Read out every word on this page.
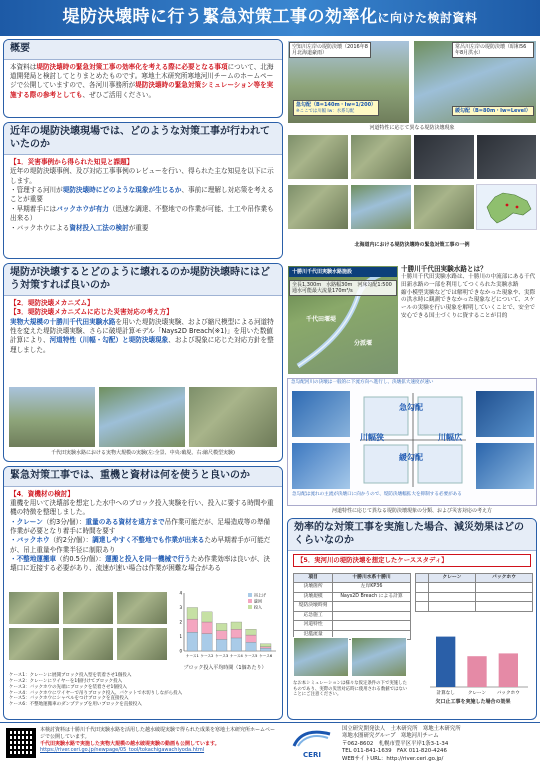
堤防決壊時に行う緊急対策工事の効率化に向けた検討資料
概要
本資料は堤防決壊時の緊急対策工事の効率化を考える際に必要となる事項について、北海道開発局と検討してとりまとめたものです。寒地土木研究所寒地河川チームのホームページで公開していますので、各河川事務所が堤防決壊時の緊急対策シミュレーション等を実施する際の参考としても、ぜひご活用ください。
空知川左岸の堤防決壊（2016年8月北海道豪雨）
常呂川左岸の堤防決壊（昭和56年8月洪水）
急勾配（B=140m・Iw=1/200）
※ここでは川幅 Iw：水系勾配	緩勾配（B=80m・Iw=Level）
河道特性に応じて異なる堤防決壊現象
近年の堤防決壊現場では、どのような対策工事が行われていたのか
【1．災害事例から得られた知見と課題】
近年の堤防決壊事例、及び対応工事事例のレビューを行い、得られた主な知見を以下に示します。
・管理する河川が堤防決壊時にどのような現象が生じるか、事前に理解し対応策を考えることが重要
・早期着手にはバックホウが有力（迅速な調達、不整地での作業が可能、土工や吊作業も出来る）
・バックホウによる資材投入工法の検討が重要
北海道内における堤防決壊時の緊急対策工事の一例
堤防が決壊するとどのように壊れるのか堤防決壊時にはどう対策すれば良いのか
【2．堤防決壊メカニズム】
【3．堤防決壊メカニズムに応じた災害対応の考え方】
実物大規模の十勝川千代田実験水路を用いた堤防決壊実験、および縮尺模型による河道特性を変えた堤防決壊実験、さらに破堤計算モデル「Nays2D Breach(※1)」を用いた数値計算により、河道特性（川幅・勾配）と堤防決壊現象、および現象に応じた対応方針を整理しました。
千代田実験水路における実物大規模の実験(左:全景、中央:破堤、右:縮尺模型実験)
十勝川千代田実験水路施設
全長1,300m　水路幅30m　河床勾配1:500　通水可能最大流量170m³/s
千代田堰堤
分派堰
十勝川千代田実験水路とは？
十勝川千代田実験水路は、十勝川の中流部にある千代田新水路の一部を利用してつくられた実験水路
縮小模型実験などでは解明できなかった現象や、実際の洪水時に観測できなかった現象などについて、スケールの実験を行い現象を解明していくことで、安全で安心できる国土づくりに資することが目的
急勾配河川の決壊は一般的に下流方向へ進行し、決壊拡大速度が速い
急勾配
緩勾配
川幅狭	川幅広
急勾配は流れの主流が決壊口に向かうので、堤防決壊幅拡大を抑制する必要がある
河道特性に応じて異なる堤防決壊現象の分類、および災害対応の考え方
緊急対策工事では、重機と資材は何を使うと良いのか
【4．資機材の検討】
重機を用いて決壊部を想定した水中へのブロック投入実験を行い、投入に要する時間や重機の特徴を整理しました。
・クレーン（約3分/個）：重量のある資材を遠方まで吊作業可能だが、足場造成等の準備作業が必要となり着手に時間を要す
・バックホウ（約2分/個）：調達しやすく不整地でも作業が出来るため早期着手が可能だが、吊上重量や作業半径に制限あり
・不整地運搬車（約0.5分/個）：運搬と投入を同一機械で行うため作業効率は良いが、決壊口に近接する必要があり、流速が速い場合は作業が困難な場合がある
0
1
2
3
4
ケース1 ケース2 ケース3 ケース4 ケース5 ケース6
吊上げ
旋回
投入
ブロック投入平均時間（1個あたり）
ケース1：クレーンに展開ブロック投入型を装着させ1個投入
ケース2：クレーンにワイヤーを1個付けてブロック投入
ケース3：バックホウの先端にブロックを装着させ1個投入
ケース4：バックホウにワイヤーで吊りブロック投入、バケットで水切りしながら投入
ケース5：バックホウにシャベルをつけブロックを直接投入
ケース6：不整地運搬車のダンプアップを用いブロックを直接投入
効率的な対策工事を実施した場合、減災効果はどのくらいなのか
【5．実河川の堤防決壊を想定したケーススタディ】
項目	十勝川水系十勝川
決壊箇所	左岸KP36
決壊規模	Nays2D Breach による計算
堤防決壊時刻	
応急施工	
河道特性	
氾濫流量	
	クレーン	バックホウ

計算なし	クレーン バックホウ
欠口止工事を実施した場合の効果
なお本シミュレーションは様々な仮定条件の下で実施したものであり、実際の災害対応時に使用される数値ではないことにご注意ください。
本検討資料は十勝川千代田実験水路を活用した越水破堤実験で得られた成果を寒地土木研究所ホームページで公開しています。
千代田実験水路で実施した実物大規模の越水破堤実験の動画も公開しています。
https://river.ceri.go.jp/newpage/05_tool/tokachigawachiyoda.html
CERI
国立研究開発法人　土木研究所　寒地土木研究所
寒地水圏研究グループ　寒地河川チーム
〒062-8602　札幌市豊平区平岸1条3-1-34
TEL 011-841-1639　FAX 011-820-4246
WEBサイトURL：http://river.ceri.go.jp/
